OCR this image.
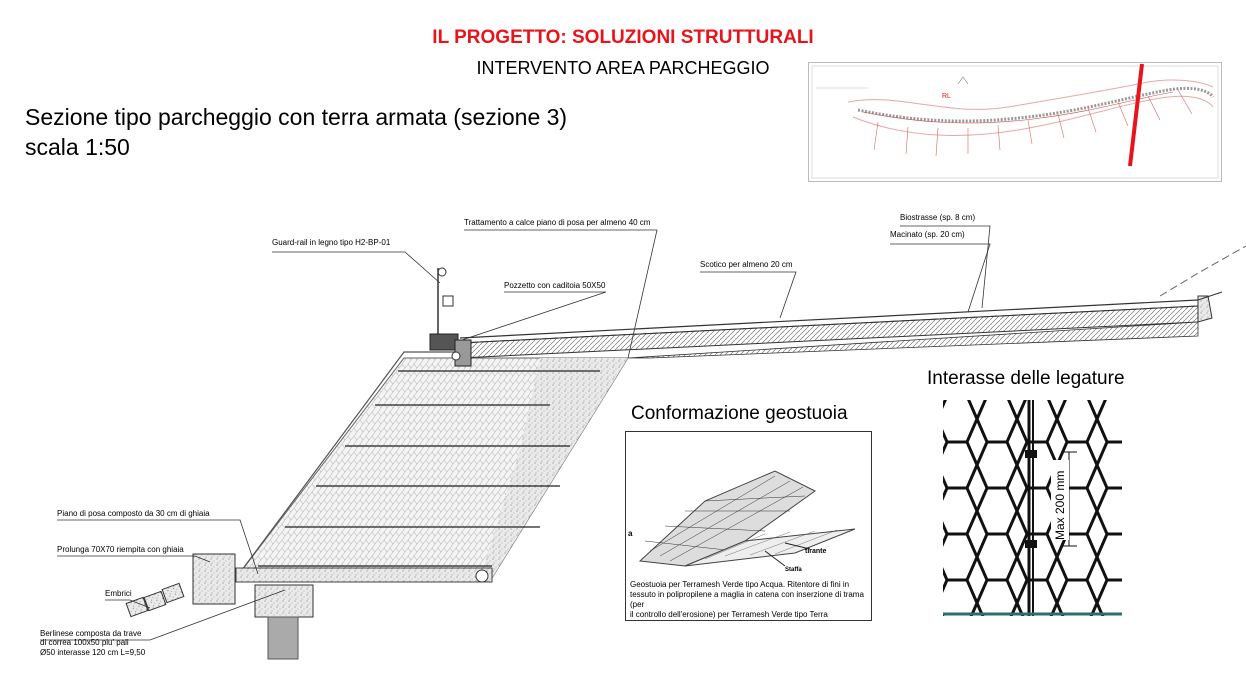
IL PROGETTO: SOLUZIONI STRUTTURALI
INTERVENTO AREA PARCHEGGIO
Sezione tipo parcheggio con terra armata (sezione 3)
scala 1:50
RL
Guard-rail in legno tipo H2-BP-01
Trattamento a calce piano di posa per almeno 40 cm
Pozzetto con caditoia 50X50
Scotico per almeno 20 cm
Biostrasse (sp. 8 cm)
Macinato (sp. 20 cm)
Piano di posa composto da 30 cm di ghiaia
Prolunga 70X70 riempita con ghiaia
Embrici
Berlinese composta da trave
di correa 100x50 piu' pali
Ø50 interasse 120 cm L=9,50
Conformazione geostuoia
tirante
Staffa
a
Geostuoia per Terramesh Verde tipo Acqua. Ritentore di fini in
tessuto in polipropilene a maglia in catena con inserzione di trama (per
il controllo dell'erosione) per Terramesh Verde tipo Terra
Interasse delle legature
Max 200 mm
